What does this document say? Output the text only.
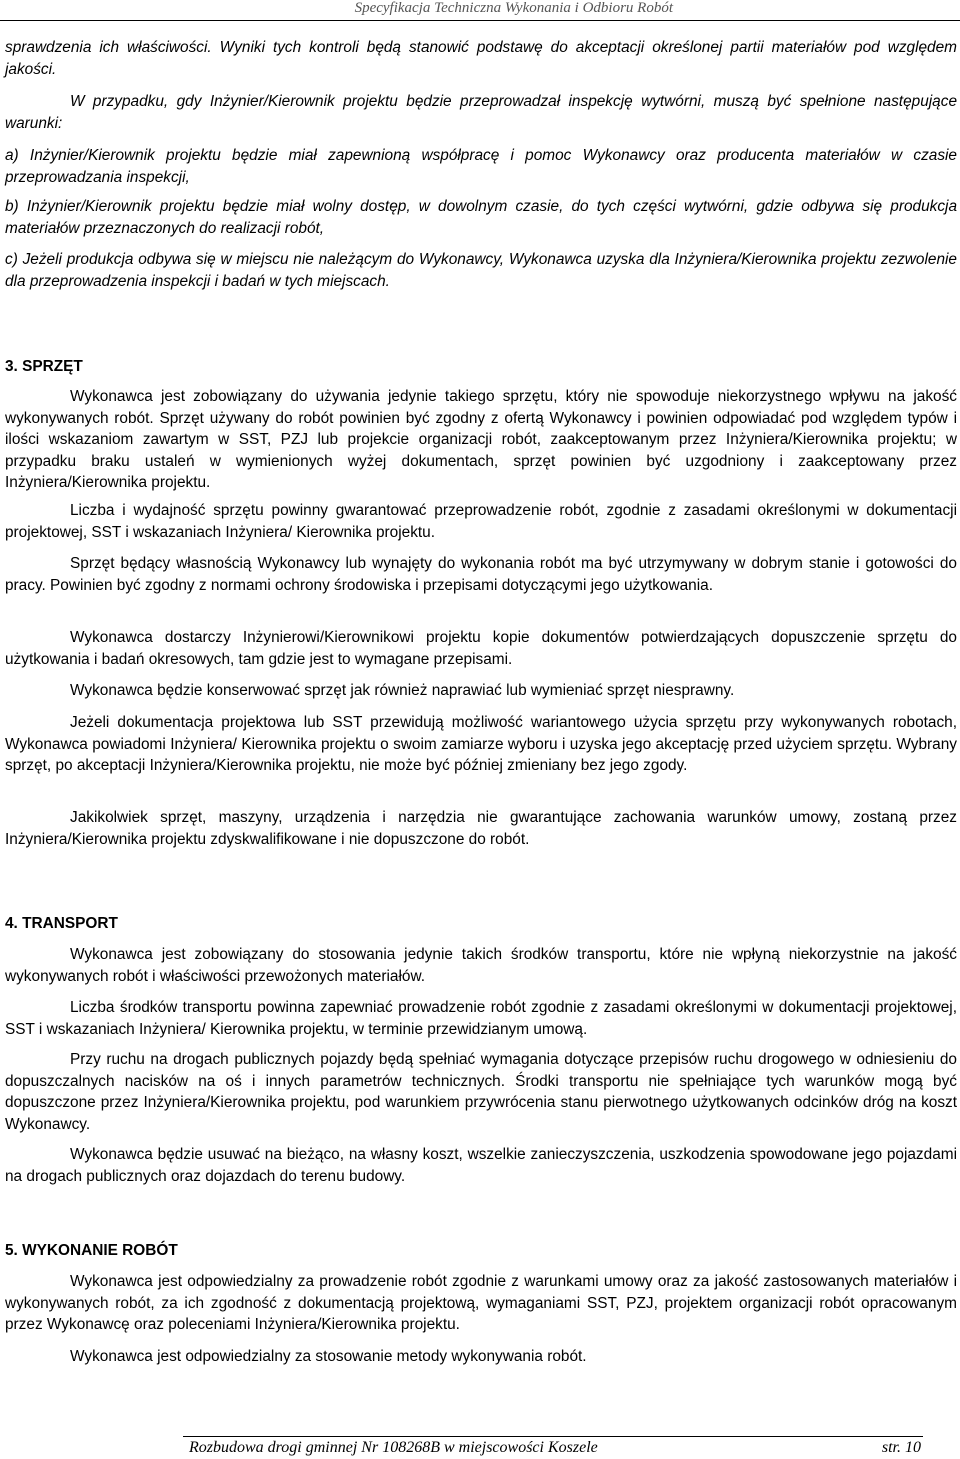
Specyfikacja Techniczna Wykonania i Odbioru Robót

sprawdzenia ich właściwości. Wyniki tych kontroli będą stanowić podstawę do akceptacji określonej partii materiałów pod względem jakości.

W przypadku, gdy Inżynier/Kierownik projektu będzie przeprowadzał inspekcję wytwórni, muszą być spełnione następujące warunki:

a) Inżynier/Kierownik projektu będzie miał zapewnioną współpracę i pomoc Wykonawcy oraz producenta materiałów w czasie przeprowadzania inspekcji,

b) Inżynier/Kierownik projektu będzie miał wolny dostęp, w dowolnym czasie, do tych części wytwórni, gdzie odbywa się produkcja materiałów przeznaczonych do realizacji robót,

c) Jeżeli produkcja odbywa się w miejscu nie należącym do Wykonawcy, Wykonawca uzyska dla Inżyniera/Kierownika projektu zezwolenie dla przeprowadzenia inspekcji i badań w tych miejscach.

3. SPRZĘT

Wykonawca jest zobowiązany do używania jedynie takiego sprzętu, który nie spowoduje niekorzystnego wpływu na jakość wykonywanych robót. Sprzęt używany do robót powinien być zgodny z ofertą Wykonawcy i powinien odpowiadać pod względem typów i ilości wskazaniom zawartym w SST, PZJ lub projekcie organizacji robót, zaakceptowanym przez Inżyniera/Kierownika projektu; w przypadku braku ustaleń w wymienionych wyżej dokumentach, sprzęt powinien być uzgodniony i zaakceptowany przez Inżyniera/Kierownika projektu.

Liczba i wydajność sprzętu powinny gwarantować przeprowadzenie robót, zgodnie z zasadami określonymi w dokumentacji projektowej, SST i wskazaniach Inżyniera/ Kierownika projektu.

Sprzęt będący własnością Wykonawcy lub wynajęty do wykonania robót ma być utrzymywany w dobrym stanie i gotowości do pracy. Powinien być zgodny z normami ochrony środowiska i przepisami dotyczącymi jego użytkowania.

Wykonawca dostarczy Inżynierowi/Kierownikowi projektu kopie dokumentów potwierdzających dopuszczenie sprzętu do użytkowania i badań okresowych, tam gdzie jest to wymagane przepisami.

Wykonawca będzie konserwować sprzęt jak również naprawiać lub wymieniać sprzęt niesprawny.

Jeżeli dokumentacja projektowa lub SST przewidują możliwość wariantowego użycia sprzętu przy wykonywanych robotach, Wykonawca powiadomi Inżyniera/ Kierownika projektu o swoim zamiarze wyboru i uzyska jego akceptację przed użyciem sprzętu. Wybrany sprzęt, po akceptacji Inżyniera/Kierownika projektu, nie może być później zmieniany bez jego zgody.

Jakikolwiek sprzęt, maszyny, urządzenia i narzędzia nie gwarantujące zachowania warunków umowy, zostaną przez Inżyniera/Kierownika projektu zdyskwalifikowane i nie dopuszczone do robót.

4. TRANSPORT

Wykonawca jest zobowiązany do stosowania jedynie takich środków transportu, które nie wpłyną niekorzystnie na jakość wykonywanych robót i właściwości przewożonych materiałów.

Liczba środków transportu powinna zapewniać prowadzenie robót zgodnie z zasadami określonymi w dokumentacji projektowej, SST i wskazaniach Inżyniera/ Kierownika projektu, w terminie przewidzianym umową.

Przy ruchu na drogach publicznych pojazdy będą spełniać wymagania dotyczące przepisów ruchu drogowego w odniesieniu do dopuszczalnych nacisków na oś i innych parametrów technicznych. Środki transportu nie spełniające tych warunków mogą być dopuszczone przez Inżyniera/Kierownika projektu, pod warunkiem przywrócenia stanu pierwotnego użytkowanych odcinków dróg na koszt Wykonawcy.

Wykonawca będzie usuwać na bieżąco, na własny koszt, wszelkie zanieczyszczenia, uszkodzenia spowodowane jego pojazdami na drogach publicznych oraz dojazdach do terenu budowy.

5. WYKONANIE ROBÓT

Wykonawca jest odpowiedzialny za prowadzenie robót zgodnie z warunkami umowy oraz za jakość zastosowanych materiałów i wykonywanych robót, za ich zgodność z dokumentacją projektową, wymaganiami SST, PZJ, projektem organizacji robót opracowanym przez Wykonawcę oraz poleceniami Inżyniera/Kierownika projektu.

Wykonawca jest odpowiedzialny za stosowanie metody wykonywania robót.

Rozbudowa drogi gminnej Nr 108268B w miejscowości Koszele	str. 10
